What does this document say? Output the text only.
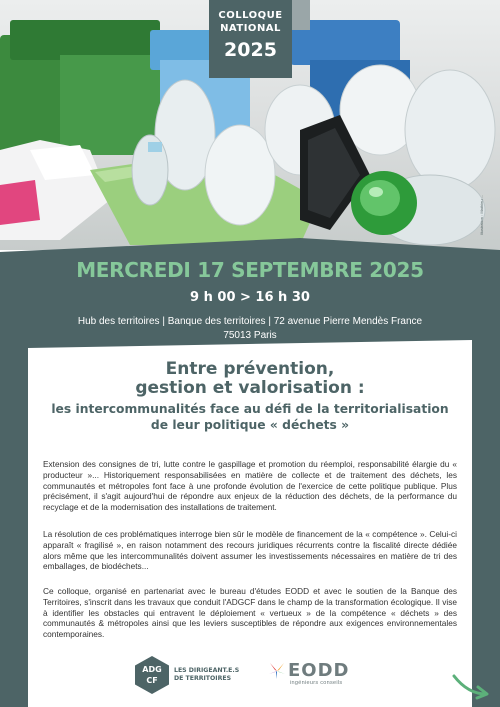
Illustration : Mathieu ...
COLLOQUE
NATIONAL
2025
MERCREDI 17 SEPTEMBRE 2025
9 h 00 > 16 h 30
Hub des territoires | Banque des territoires | 72 avenue Pierre Mendès France
75013 Paris
Entre prévention,
gestion et valorisation :
les intercommunalités face au défi de la territorialisation
de leur politique « déchets »
Extension des consignes de tri, lutte contre le gaspillage et promotion du réemploi, responsabilité élargie du « producteur »... Historiquement responsabilisées en matière de collecte et de traitement des déchets, les communautés et métropoles font face à une profonde évolution de l'exercice de cette politique publique. Plus précisément, il s'agit aujourd'hui de répondre aux enjeux de la réduction des déchets, de la performance du recyclage et de la modernisation des installations de traitement.
La résolution de ces problématiques interroge bien sûr le modèle de financement de la « compétence ». Celui-ci apparaît « fragilisé », en raison notamment des recours juridiques récurrents contre la fiscalité directe dédiée alors même que les intercommunalités doivent assumer les investissements nécessaires en matière de tri des emballages, de biodéchets...
Ce colloque, organisé en partenariat avec le bureau d'études EODD et avec le soutien de la Banque des Territoires, s'inscrit dans les travaux que conduit l'ADGCF dans le champ de la transformation écologique. Il vise à identifier les obstacles qui entravent le déploiement « vertueux » de la compétence « déchets » des communautés & métropoles ainsi que les leviers susceptibles de répondre aux exigences environnementales contemporaines.
ADG
CF
LES DIRIGEANT.E.S
DE TERRITOIRES	EODD
ingénieurs conseils
